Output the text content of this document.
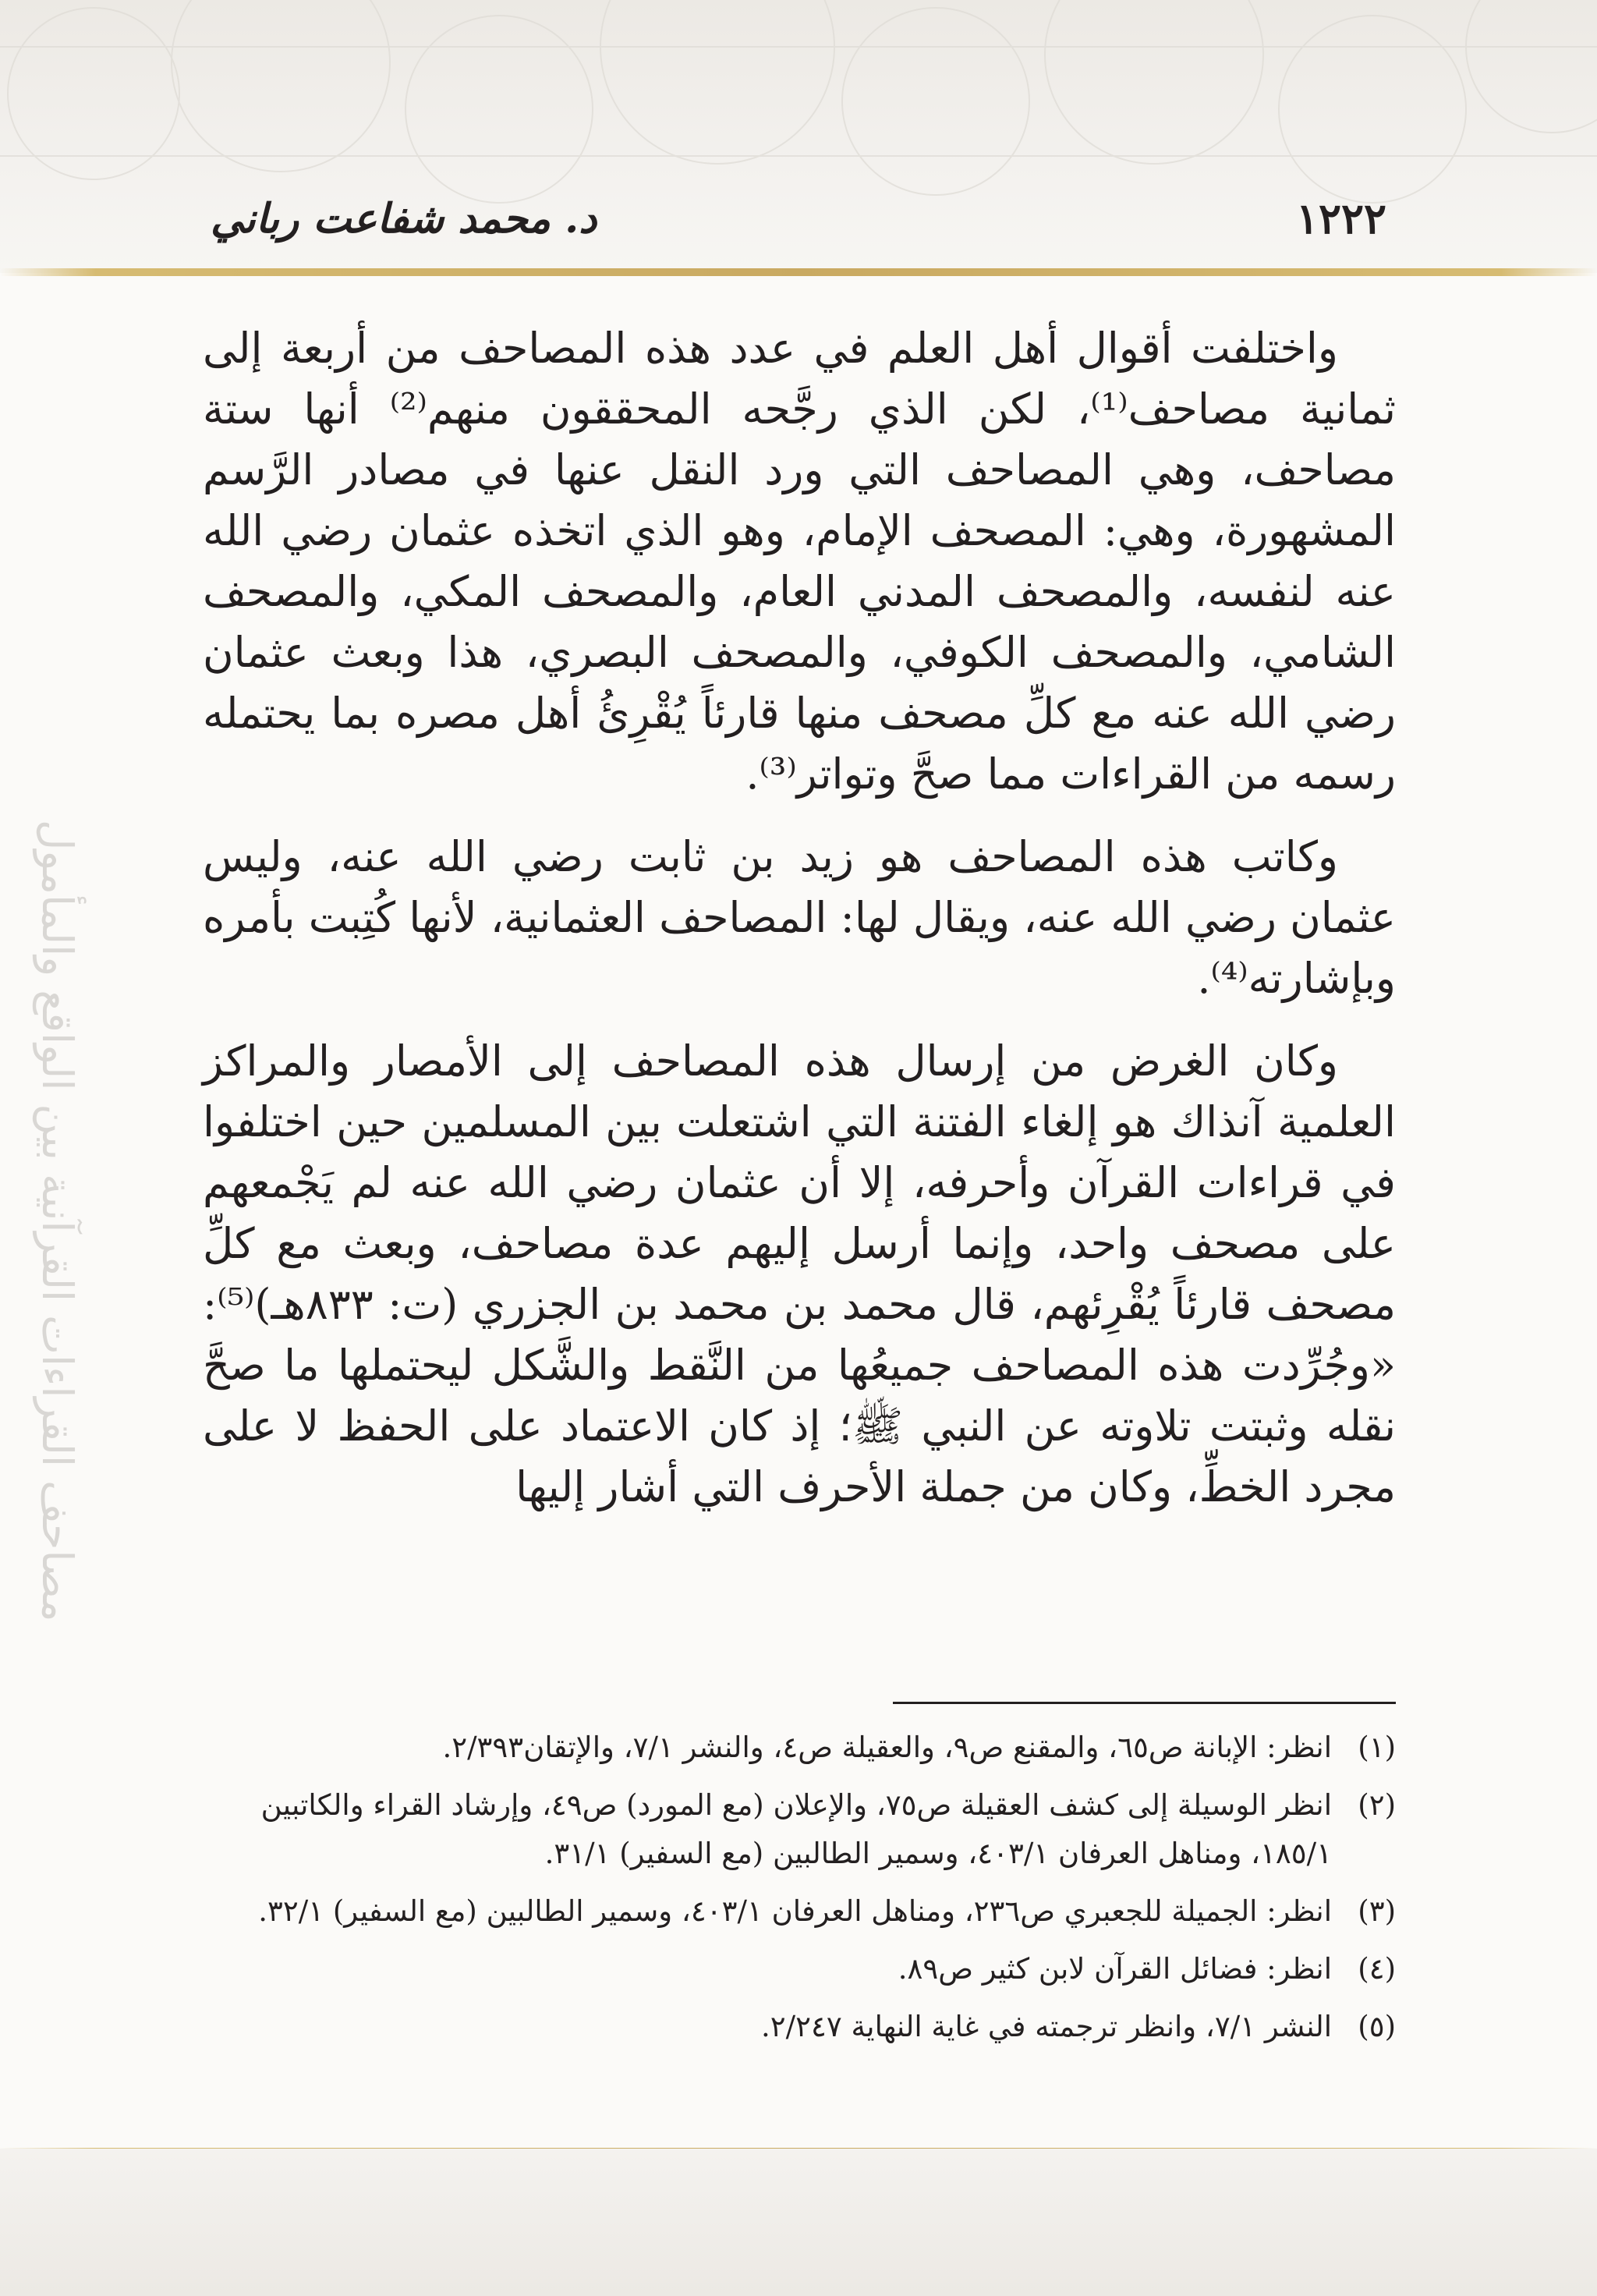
١٢٢٢
د. محمد شفاعت رباني
مصاحف القراءات القرآنية بين الواقع والمأمول

واختلفت أقوال أهل العلم في عدد هذه المصاحف من أربعة إلى ثمانية مصاحف⁽¹⁾، لكن الذي رجَّحه المحققون منهم⁽²⁾ أنها ستة مصاحف، وهي المصاحف التي ورد النقل عنها في مصادر الرَّسم المشهورة، وهي: المصحف الإمام، وهو الذي اتخذه عثمان رضي الله عنه لنفسه، والمصحف المدني العام، والمصحف المكي، والمصحف الشامي، والمصحف الكوفي، والمصحف البصري، هذا وبعث عثمان رضي الله عنه مع كلِّ مصحف منها قارئاً يُقْرِئُ أهل مصره بما يحتمله رسمه من القراءات مما صحَّ وتواتر⁽³⁾.

وكاتب هذه المصاحف هو زيد بن ثابت رضي الله عنه، وليس عثمان رضي الله عنه، ويقال لها: المصاحف العثمانية، لأنها كُتِبت بأمره وبإشارته⁽⁴⁾.

وكان الغرض من إرسال هذه المصاحف إلى الأمصار والمراكز العلمية آنذاك هو إلغاء الفتنة التي اشتعلت بين المسلمين حين اختلفوا في قراءات القرآن وأحرفه، إلا أن عثمان رضي الله عنه لم يَجْمعهم على مصحف واحد، وإنما أرسل إليهم عدة مصاحف، وبعث مع كلِّ مصحف قارئاً يُقْرِئهم، قال محمد بن محمد بن الجزري (ت: ٨٣٣هـ)⁽⁵⁾: «وجُرِّدت هذه المصاحف جميعُها من النَّقط والشَّكل ليحتملها ما صحَّ نقله وثبتت تلاوته عن النبي ﷺ؛ إذ كان الاعتماد على الحفظ لا على مجرد الخطِّ، وكان من جملة الأحرف التي أشار إليها

(١)
انظر: الإبانة ص٦٥، والمقنع ص٩، والعقيلة ص٤، والنشر ٧/١، والإتقان٢/٣٩٣.
(٢)
انظر الوسيلة إلى كشف العقيلة ص٧٥، والإعلان (مع المورد) ص٤٩، وإرشاد القراء والكاتبين ١٨٥/١، ومناهل العرفان ٤٠٣/١، وسمير الطالبين (مع السفير) ٣١/١.
(٣)
انظر: الجميلة للجعبري ص٢٣٦، ومناهل العرفان ٤٠٣/١، وسمير الطالبين (مع السفير) ٣٢/١.
(٤)
انظر: فضائل القرآن لابن كثير ص٨٩.
(٥)
النشر ٧/١، وانظر ترجمته في غاية النهاية ٢/٢٤٧.
